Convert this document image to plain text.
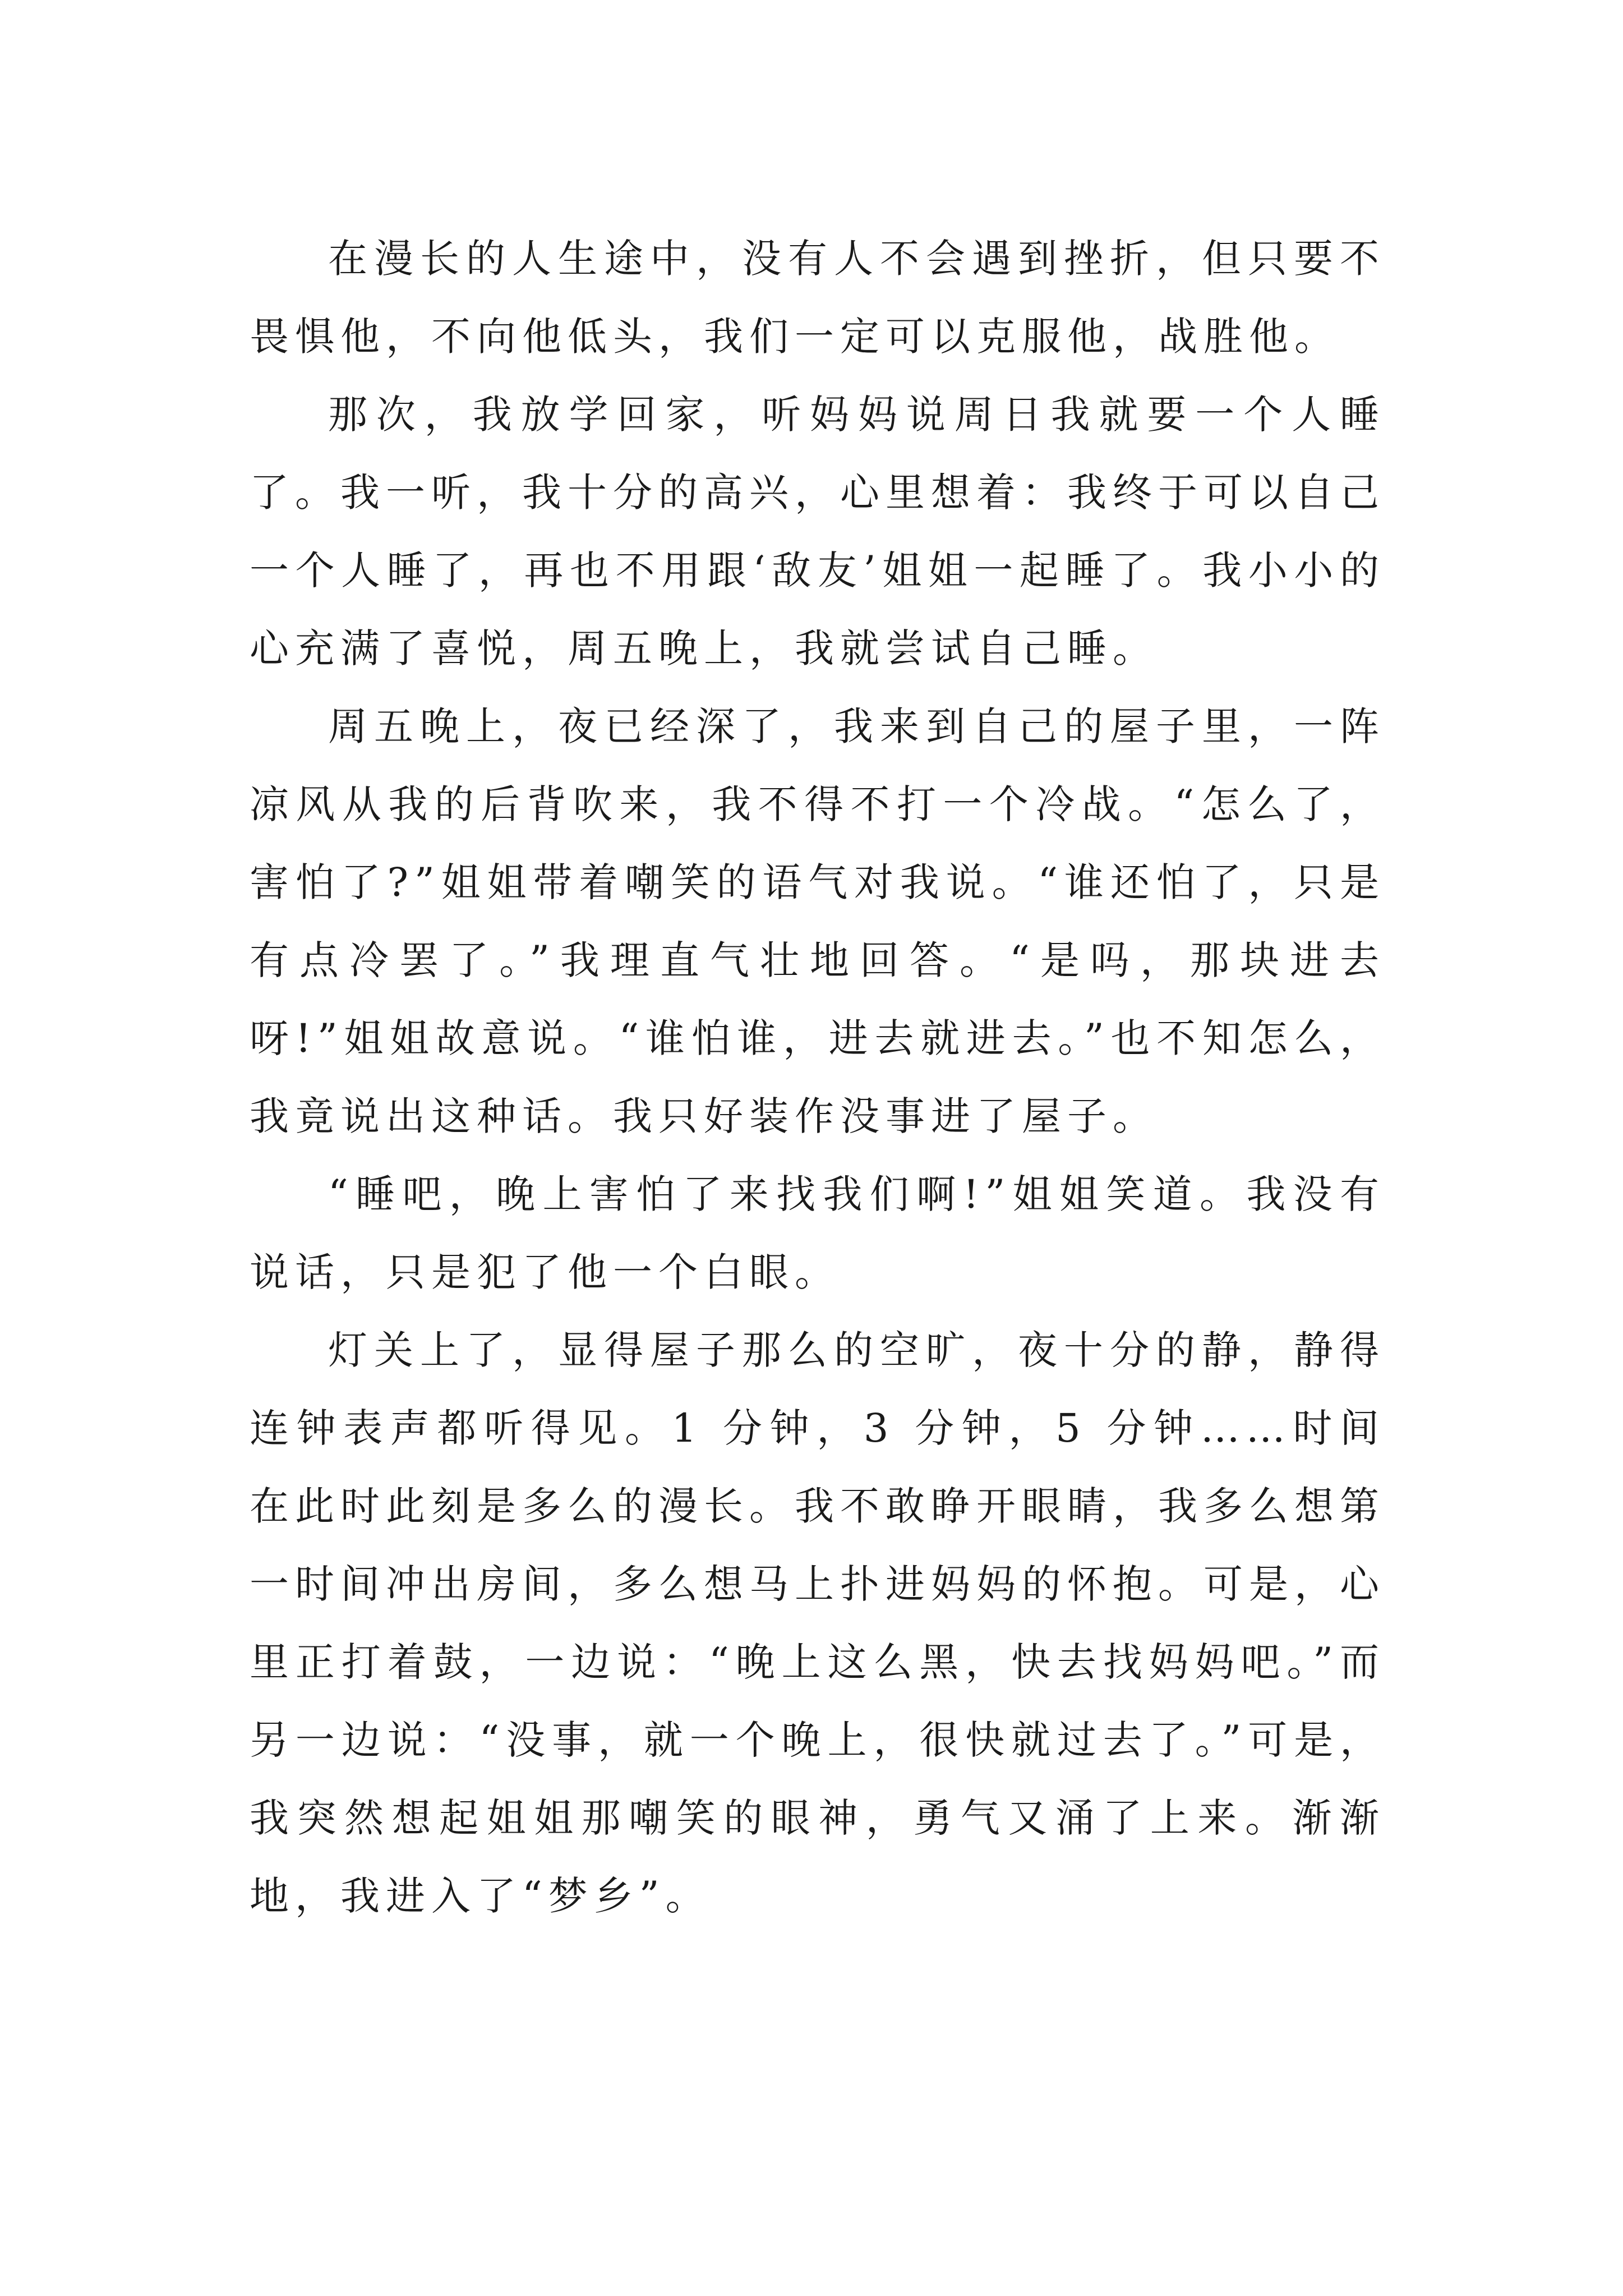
在漫长的人生途中，没有人不会遇到挫折，但只要不畏惧他，不向他低头，我们一定可以克服他，战胜他。

那次，我放学回家，听妈妈说周日我就要一个人睡了。我一听，我十分的高兴，心里想着：我终于可以自己一个人睡了，再也不用跟‘敌友’姐姐一起睡了。我小小的心充满了喜悦，周五晚上，我就尝试自己睡。

周五晚上，夜已经深了，我来到自己的屋子里，一阵凉风从我的后背吹来，我不得不打一个冷战。“怎么了，害怕了?”姐姐带着嘲笑的语气对我说。“谁还怕了，只是有点冷罢了。”我理直气壮地回答。“是吗，那块进去呀!”姐姐故意说。“谁怕谁，进去就进去。”也不知怎么，我竟说出这种话。我只好装作没事进了屋子。

“睡吧，晚上害怕了来找我们啊!”姐姐笑道。我没有说话，只是犯了他一个白眼。

灯关上了，显得屋子那么的空旷，夜十分的静，静得连钟表声都听得见。1 分钟，3 分钟，5 分钟……时间在此时此刻是多么的漫长。我不敢睁开眼睛，我多么想第一时间冲出房间，多么想马上扑进妈妈的怀抱。可是，心里正打着鼓，一边说：“晚上这么黑，快去找妈妈吧。”而另一边说：“没事，就一个晚上，很快就过去了。”可是，我突然想起姐姐那嘲笑的眼神，勇气又涌了上来。渐渐地，我进入了“梦乡”。
